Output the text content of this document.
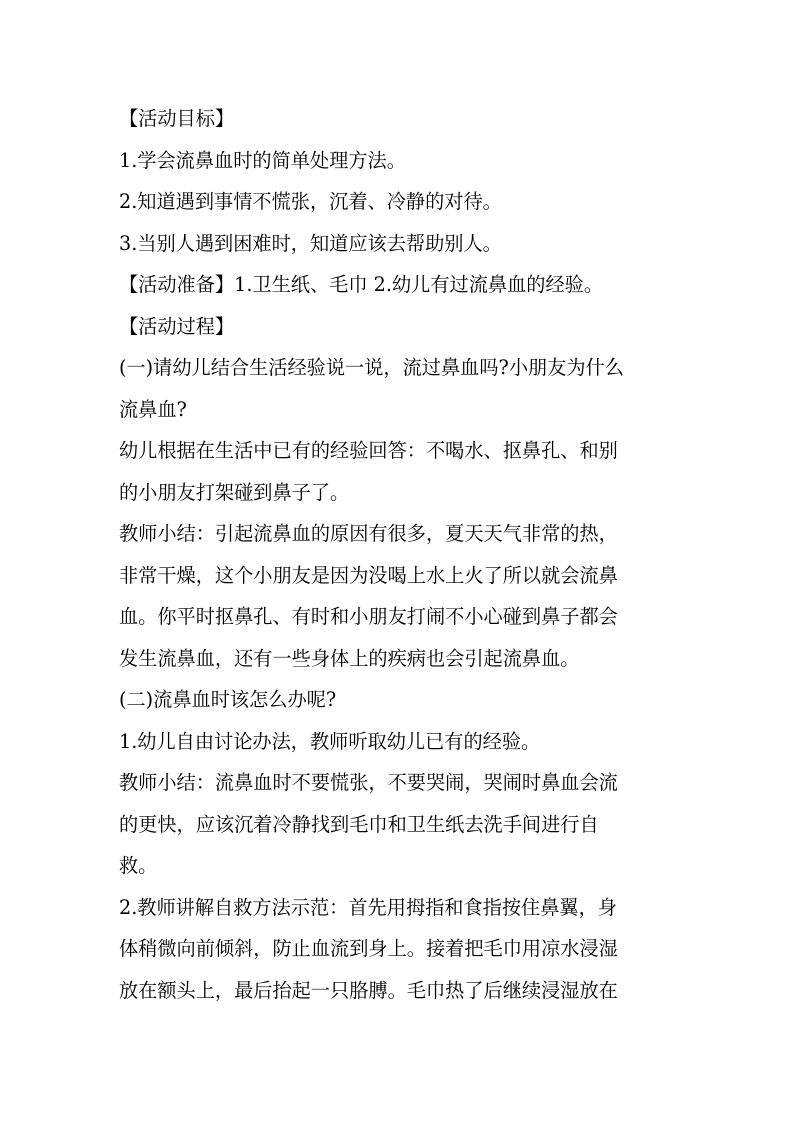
【活动目标】
1.学会流鼻血时的简单处理方法。
2.知道遇到事情不慌张，沉着、冷静的对待。
3.当别人遇到困难时，知道应该去帮助别人。
【活动准备】1.卫生纸、毛巾 2.幼儿有过流鼻血的经验。
【活动过程】
(一)请幼儿结合生活经验说一说，流过鼻血吗?小朋友为什么
流鼻血?
幼儿根据在生活中已有的经验回答：不喝水、抠鼻孔、和别
的小朋友打架碰到鼻子了。
教师小结：引起流鼻血的原因有很多，夏天天气非常的热，
非常干燥，这个小朋友是因为没喝上水上火了所以就会流鼻
血。你平时抠鼻孔、有时和小朋友打闹不小心碰到鼻子都会
发生流鼻血，还有一些身体上的疾病也会引起流鼻血。
(二)流鼻血时该怎么办呢?
1.幼儿自由讨论办法，教师听取幼儿已有的经验。
教师小结：流鼻血时不要慌张，不要哭闹，哭闹时鼻血会流
的更快，应该沉着冷静找到毛巾和卫生纸去洗手间进行自
救。
2.教师讲解自救方法示范：首先用拇指和食指按住鼻翼，身
体稍微向前倾斜，防止血流到身上。接着把毛巾用凉水浸湿
放在额头上，最后抬起一只胳膊。毛巾热了后继续浸湿放在
